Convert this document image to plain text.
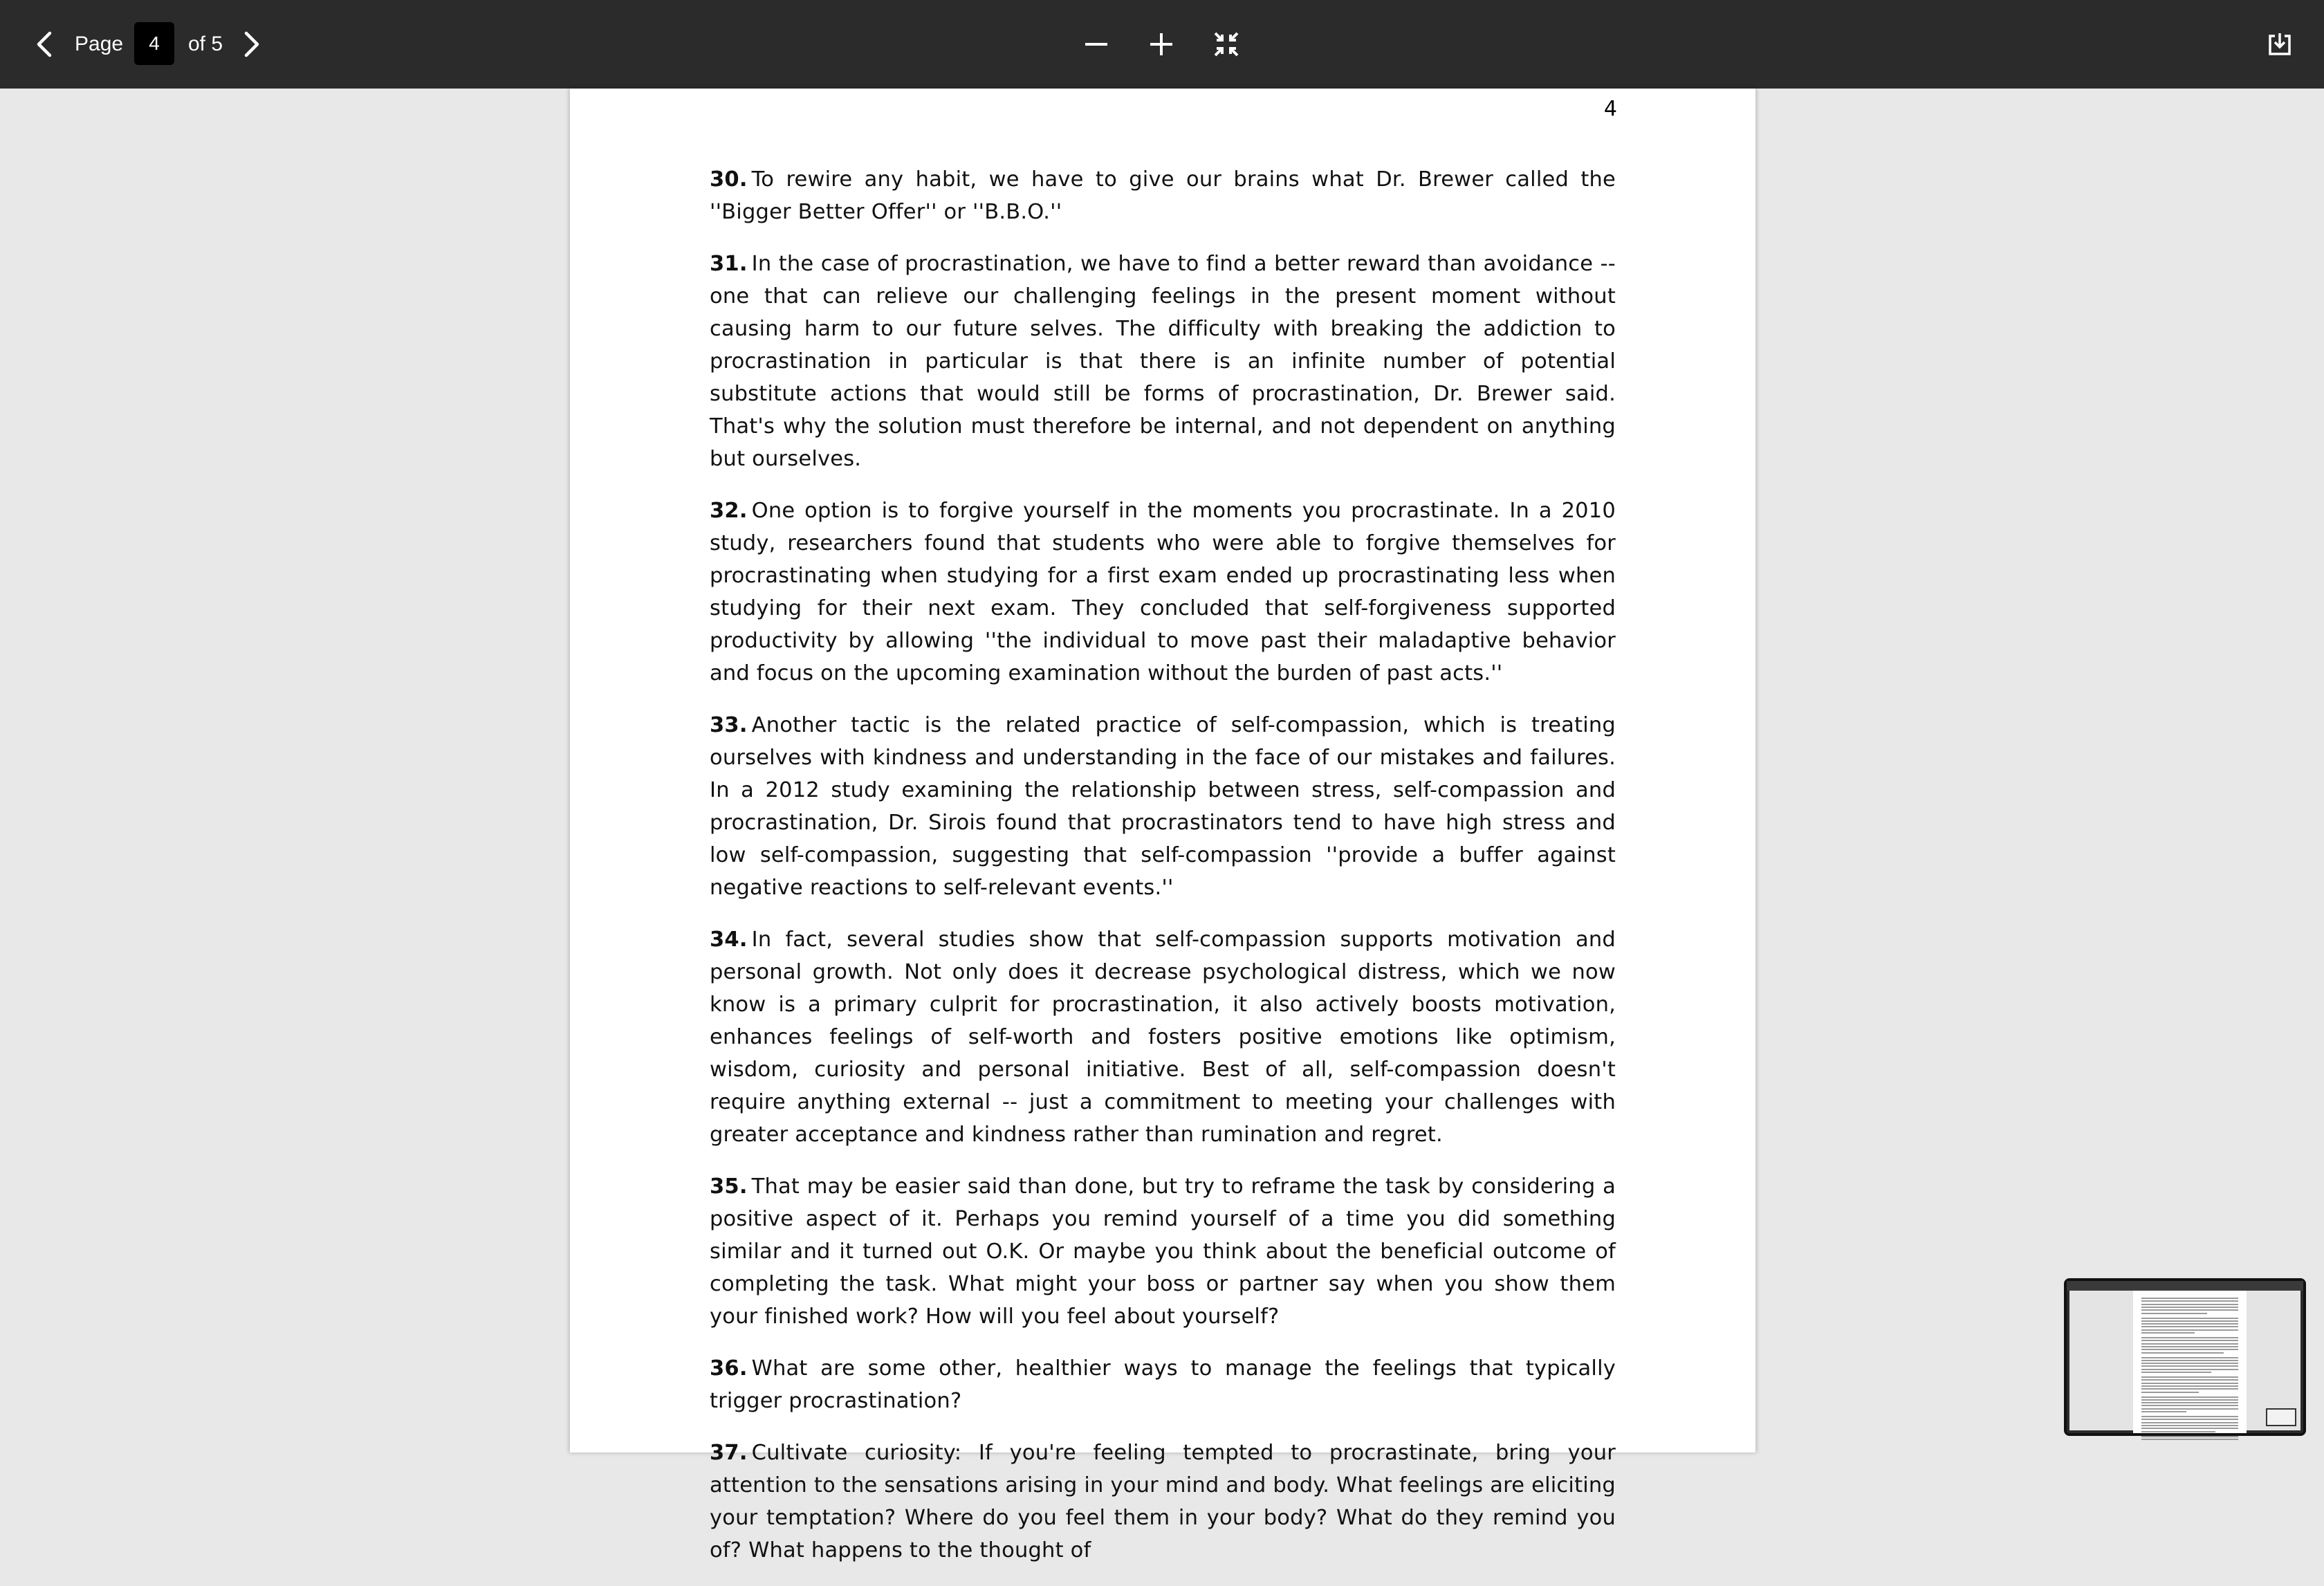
Page	4	of 5
4

30. To rewire any habit, we have to give our brains what Dr. Brewer called the ''Bigger Better Offer'' or ''B.B.O.''

31. In the case of procrastination, we have to find a better reward than avoidance -- one that can relieve our challenging feelings in the present moment without causing harm to our future selves. The difficulty with breaking the addiction to procrastination in particular is that there is an infinite number of potential substitute actions that would still be forms of procrastination, Dr. Brewer said. That's why the solution must therefore be internal, and not dependent on anything but ourselves.

32. One option is to forgive yourself in the moments you procrastinate. In a 2010 study, researchers found that students who were able to forgive themselves for procrastinating when studying for a first exam ended up procrastinating less when studying for their next exam. They concluded that self-forgiveness supported productivity by allowing ''the individual to move past their maladaptive behavior and focus on the upcoming examination without the burden of past acts.''

33. Another tactic is the related practice of self-compassion, which is treating ourselves with kindness and understanding in the face of our mistakes and failures. In a 2012 study examining the relationship between stress, self-compassion and procrastination, Dr. Sirois found that procrastinators tend to have high stress and low self-compassion, suggesting that self-compassion ''provide a buffer against negative reactions to self-relevant events.''

34. In fact, several studies show that self-compassion supports motivation and personal growth. Not only does it decrease psychological distress, which we now know is a primary culprit for procrastination, it also actively boosts motivation, enhances feelings of self-worth and fosters positive emotions like optimism, wisdom, curiosity and personal initiative. Best of all, self-compassion doesn't require anything external -- just a commitment to meeting your challenges with greater acceptance and kindness rather than rumination and regret.

35. That may be easier said than done, but try to reframe the task by considering a positive aspect of it. Perhaps you remind yourself of a time you did something similar and it turned out O.K. Or maybe you think about the beneficial outcome of completing the task. What might your boss or partner say when you show them your finished work? How will you feel about yourself?

36. What are some other, healthier ways to manage the feelings that typically trigger procrastination?

37. Cultivate curiosity: If you're feeling tempted to procrastinate, bring your attention to the sensations arising in your mind and body. What feelings are eliciting your temptation? Where do you feel them in your body? What do they remind you of? What happens to the thought of
